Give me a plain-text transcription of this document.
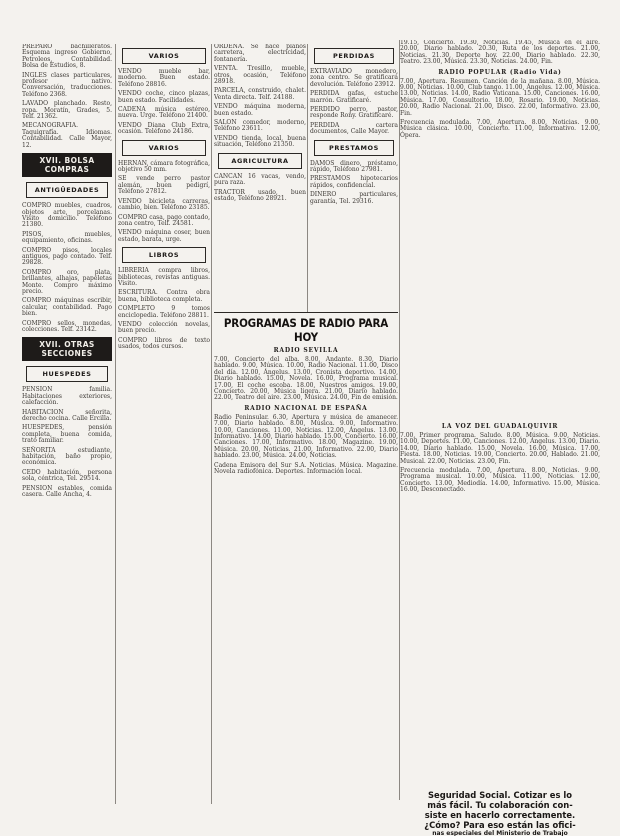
PREPARO bachilleratos. Esquema ingreso Gobierno, Petroleos, Contabilidad. Bolsa de Estudios, 8.

INGLES clases particulares, profesor nativo. Conversación, traducciones. Teléfono 2368.

LAVADO planchado. Resto, ropa. Moratín, Grades, 5. Telf. 21362.

MECANOGRAFIA. Taquigrafía. Idiomas. Contabilidad. Calle Mayor, 12.

XVII. BOLSA COMPRAS
ANTIGÜEDADES

COMPRO muebles, cuadros, objetos arte, porcelanas. Visito domicilio. Teléfono 21380.

PISOS, muebles, equipamiento, oficinas.

COMPRO pisos, locales antiguos, pago contado. Telf. 29828.

COMPRO oro, plata, brillantes, alhajas, papeletas Monte. Compro máximo precio.

COMPRO máquinas escribir, calcular, contabilidad. Pago bien.

COMPRO sellos, monedas, colecciones. Telf. 23142.

XVII. OTRAS SECCIONES
HUESPEDES

PENSION familia. Habitaciones exteriores, calefacción.

HABITACION señorita, derecho cocina. Calle Ercilla.

HUESPEDES, pensión completa, buena comida, trato familiar.

SEÑORITA estudiante, habitación, baño propio, económica.

CEDO habitación, persona sola, céntrica, Tel. 29514.

PENSION estables, comida casera. Calle Ancha, 4.

VARIOS

VENDO mueble bar, moderno. Buen estado. Teléfono 28816.

VENDO coche, cinco plazas, buen estado. Facilidades.

CADENA música estéreo, nueva. Urge. Teléfono 21400.

VENDO Diana Club Extra, ocasión. Teléfono 24186.

VARIOS

HERNAN, cámara fotográfica, objetivo 50 mm.

SE vende perro pastor alemán, buen pedigrí, Teléfono 27812.

VENDO bicicleta carreras, cambio, bien. Teléfono 23185.

COMPRO casa, pago contado, zona centro, Telf. 24581.

VENDO máquina coser, buen estado, barata, urge.

LIBROS

LIBRERIA compra libros, bibliotecas, revistas antiguas. Visito.

ESCRITURA. Contra obra buena, biblioteca completa.

COMPLETO 9 tomos enciclopedia. Teléfono 28811.

VENDO colección novelas, buen precio.

COMPRO libros de texto usados, todos cursos.

ORDENA. Se hace planos carretera, electricidad, fontanería.

VENTA. Tresillo, mueble, otros, ocasión, Teléfono 28918.

PARCELA, construido, chalet. Venta directa. Telf. 24188.

VENDO máquina moderna, buen estado.

SALON comedor, moderno, Teléfono 23611.

VENDO tienda, local, buena situación, Teléfono 21350.

AGRICULTURA

CANCAN 16 vacas, vendo, pura raza.

TRACTOR usado, buen estado, Teléfono 28921.

PERDIDAS

EXTRAVIADO monedero, zona centro. Se gratificará devolución. Teléfono 23912.

PERDIDA gafas, estuche marrón. Gratificaré.

PERDIDO perro, pastor, responde Rony. Gratificaré.

PERDIDA cartera documentos, Calle Mayor.

PRESTAMOS

DAMOS dinero, préstamo, rápido, Teléfono 27981.

PRESTAMOS hipotecarios rápidos, confidencial.

DINERO particulares, garantía, Tel. 29316.

PROGRAMAS DE RADIO PARA HOY
RADIO SEVILLA

7.00, Concierto del alba. 8.00, Andante. 8.30, Diario hablado. 9.00, Música. 10.00, Radio Nacional. 11.00, Disco del día. 12.00, Ángelus. 13.00, Cronista deportivo. 14.00, Diario hablado. 15.00, Novela. 16.00, Programa musical. 17.00, El coche escoba. 18.00, Nuestros amigos. 19.00, Concierto. 20.00, Música ligera. 21.00, Diario hablado. 22.00, Teatro del aire. 23.00, Música. 24.00, Fin de emisión.

RADIO NACIONAL DE ESPAÑA

Radio Peninsular. 6.30, Apertura y música de amanecer. 7.00, Diario hablado. 8.00, Música. 9.00, Informativo. 10.00, Canciones. 11.00, Noticias. 12.00, Ángelus. 13.00, Informativo. 14.00, Diario hablado. 15.00, Concierto. 16.00, Canciones. 17.00, Informativo. 18.00, Magazine. 19.00, Música. 20.00, Noticias. 21.00, Informativo. 22.00, Diario hablado. 23.00, Música. 24.00, Noticias.

Cadena Emisora del Sur S.A. Noticias. Música. Magazine. Novela radiofónica. Deportes. Información local.

19.15, Concierto. 19.30, Noticias. 19.45, Música en el aire. 20.00, Diario hablado. 20.30, Ruta de los deportes. 21.00, Noticias. 21.30, Deporte hoy. 22.00, Diario hablado. 22.30, Teatro. 23.00, Música. 23.30, Noticias. 24.00, Fin.

RADIO POPULAR (Radio Vida)

7.00, Apertura. Resumen. Canción de la mañana. 8.00, Música. 9.00, Noticias. 10.00, Club tango. 11.00, Ángelus. 12.00, Música. 13.00, Noticias. 14.00, Radio Vaticana. 15.00, Canciones. 16.00, Música. 17.00, Consultorio. 18.00, Rosario. 19.00, Noticias. 20.00, Radio Nacional. 21.00, Disco. 22.00, Informativo. 23.00, Fin.

Frecuencia modulada. 7.00, Apertura. 8.00, Noticias. 9.00, Música clásica. 10.00, Concierto. 11.00, Informativo. 12.00, Ópera.

LA VOZ DEL GUADALQUIVIR

7.00, Primer programa. Saludo. 8.00, Música. 9.00, Noticias. 10.00, Deportes. 11.00, Canciones. 12.00, Ángelus. 13.00, Diario. 14.00, Diario hablado. 15.00, Novela. 16.00, Música. 17.00, Fiesta. 18.00, Noticias. 19.00, Concierto. 20.00, Hablado. 21.00, Musical. 22.00, Noticias. 23.00, Fin.

Frecuencia modulada. 7.00, Apertura. 8.00, Noticias. 9.00, Programa musical. 10.00, Música. 11.00, Noticias. 12.00, Concierto. 13.00, Mediodía. 14.00, Informativo. 15.00, Música. 16.00, Desconectado.

Seguridad Social. Cotizar es lo
más fácil. Tu colaboración con-
siste en hacerlo correctamente.
¿Cómo? Para eso están las ofici-
nas especiales del Ministerio de Trabajo
